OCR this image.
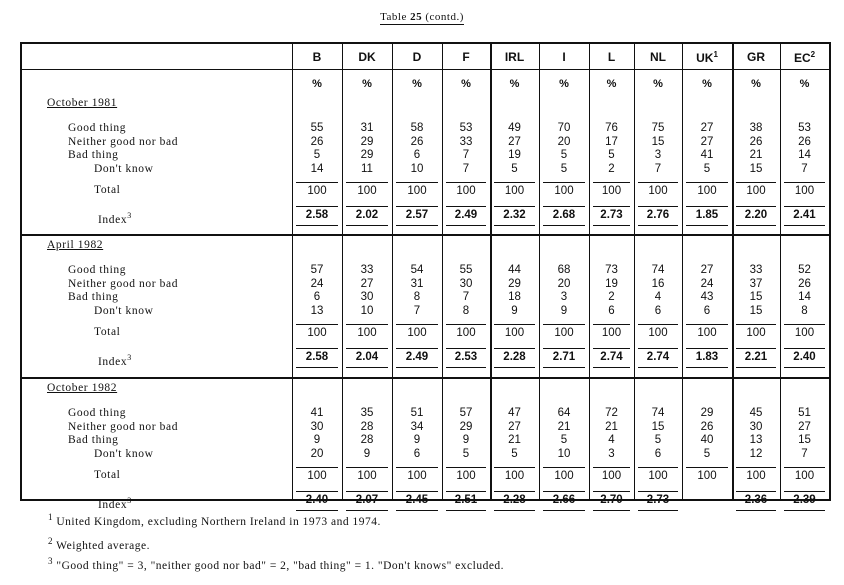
Table 25 (contd.)
B
%
DK
%
D
%
F
%
IRL
%
I
%
L
%
NL
%
$UK^1$
%
GR
%
$EC^2$
%
October 1981
Good thing
Neither good nor bad
Bad thing
Don't know
Total
Index$^3$
55
26
5
14
100
2.58
31
29
29
11
100
2.02
58
26
6
10
100
2.57
53
33
7
7
100
2.49
49
27
19
5
100
2.32
70
20
5
5
100
2.68
76
17
5
2
100
2.73
75
15
3
7
100
2.76
27
27
41
5
100
1.85
38
26
21
15
100
2.20
53
26
14
7
100
2.41
April 1982
Good thing
Neither good nor bad
Bad thing
Don't know
Total
Index$^3$
57
24
6
13
100
2.58
33
27
30
10
100
2.04
54
31
8
7
100
2.49
55
30
7
8
100
2.53
44
29
18
9
100
2.28
68
20
3
9
100
2.71
73
19
2
6
100
2.74
74
16
4
6
100
2.74
27
24
43
6
100
1.83
33
37
15
15
100
2.21
52
26
14
8
100
2.40
October 1982
Good thing
Neither good nor bad
Bad thing
Don't know
Total
Index$^3$
41
30
9
20
100
2.40
35
28
28
9
100
2.07
51
34
9
6
100
2.45
57
29
9
5
100
2.51
47
27
21
5
100
2.28
64
21
5
10
100
2.66
72
21
4
3
100
2.70
74
15
5
6
100
2.73
29
26
40
5
100
45
30
13
12
100
2.36
51
27
15
7
100
2.39
$^1$ United Kingdom, excluding Northern Ireland in 1973 and 1974.
$^2$ Weighted average.
$^3$ "Good thing" = 3, "neither good nor bad" = 2, "bad thing" = 1. "Don't knows" excluded.
